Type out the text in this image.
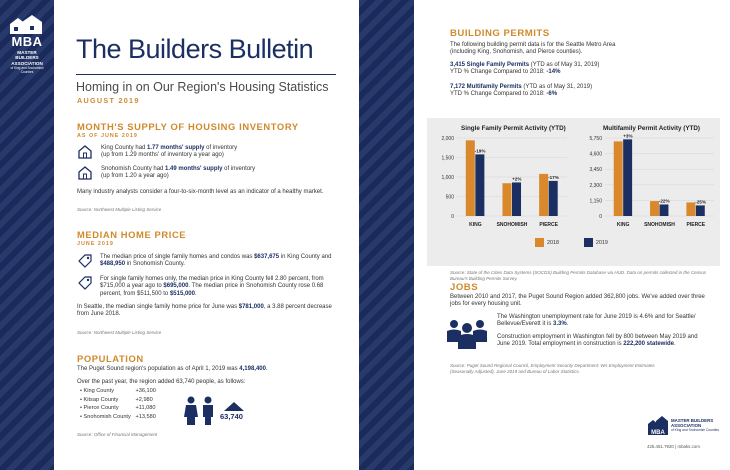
MBA
MASTER BUILDERS
ASSOCIATION
of King and Snohomish Counties
The Builders Bulletin
Homing in on Our Region's Housing Statistics
AUGUST 2019
MONTH'S SUPPLY OF HOUSING INVENTORY
AS OF JUNE 2019
King County had 1.77 months' supply of inventory
(up from 1.29 months' of inventory a year ago)
Snohomish County had 1.49 months' supply of inventory
(up from 1.20 a year ago)
Many industry analysts consider a four-to-six-month level as an indicator of a healthy market.
Source: Northwest Multiple Listing Service
MEDIAN HOME PRICE
JUNE 2019
The median price of single family homes and condos was $637,675 in King County and
$488,950 in Snohomish County.
For single family homes only, the median price in King County fell 2.80 percent, from
$715,000 a year ago to $695,000. The median price in Snohomish County rose 0.68
percent, from $511,500 to $515,000.
In Seattle, the median single family home price for June was $781,000, a 3.88 percent decrease
from June 2018.
Source: Northwest Multiple Listing Service
POPULATION
The Puget Sound region's population as of April 1, 2019 was 4,198,400.
Over the past year, the region added 63,740 people, as follows:
• King County	+36,100
• Kitsap County	+2,980
• Pierce County	+11,080
• Snohomish County +13,580	63,740
Source: Office of Financial Management
BUILDING PERMITS
The following building permit data is for the Seattle Metro Area
(including King, Snohomish, and Pierce counties).
3,415 Single Family Permits (YTD as of May 31, 2019)
YTD % Change Compared to 2018: -14%
7,172 Multifamily Permits (YTD as of May 31, 2019)
YTD % Change Compared to 2018: -6%
Single Family Permit Activity (YTD)	Multifamily Permit Activity (YTD)
2,000
1,500
1,000
500
0
-19%
KING
+2%
SNOHOMISH
-17%
PIERCE
5,750
4,600
3,450
2,300
1,150
0
+3%
KING
-22%
SNOHOMISH
-25%
PIERCE
2018	2019
Source: State of the Cities Data Systems (SOCDS) Building Permits Database via HUD. Data on permits collected in the Census
Bureau's Building Permits Survey.
JOBS
Between 2010 and 2017, the Puget Sound Region added 362,800 jobs. We've added over three
jobs for every housing unit.
The Washington unemployment rate for June 2019 is 4.6% and for Seattle/
Bellevue/Everett it is 3.3%.
Construction employment in Washington fell by 800 between May 2019 and
June 2019. Total employment in construction is 222,200 statewide.
Source: Puget Sound Regional Council, Employment Security Department: WA Employment Estimates
(Seasonally Adjusted), June 2019 and Bureau of Labor Statistics.
MBA
MASTER BUILDERS
ASSOCIATION
of King and Snohomish Counties
425.451.7920 | mbaks.com
